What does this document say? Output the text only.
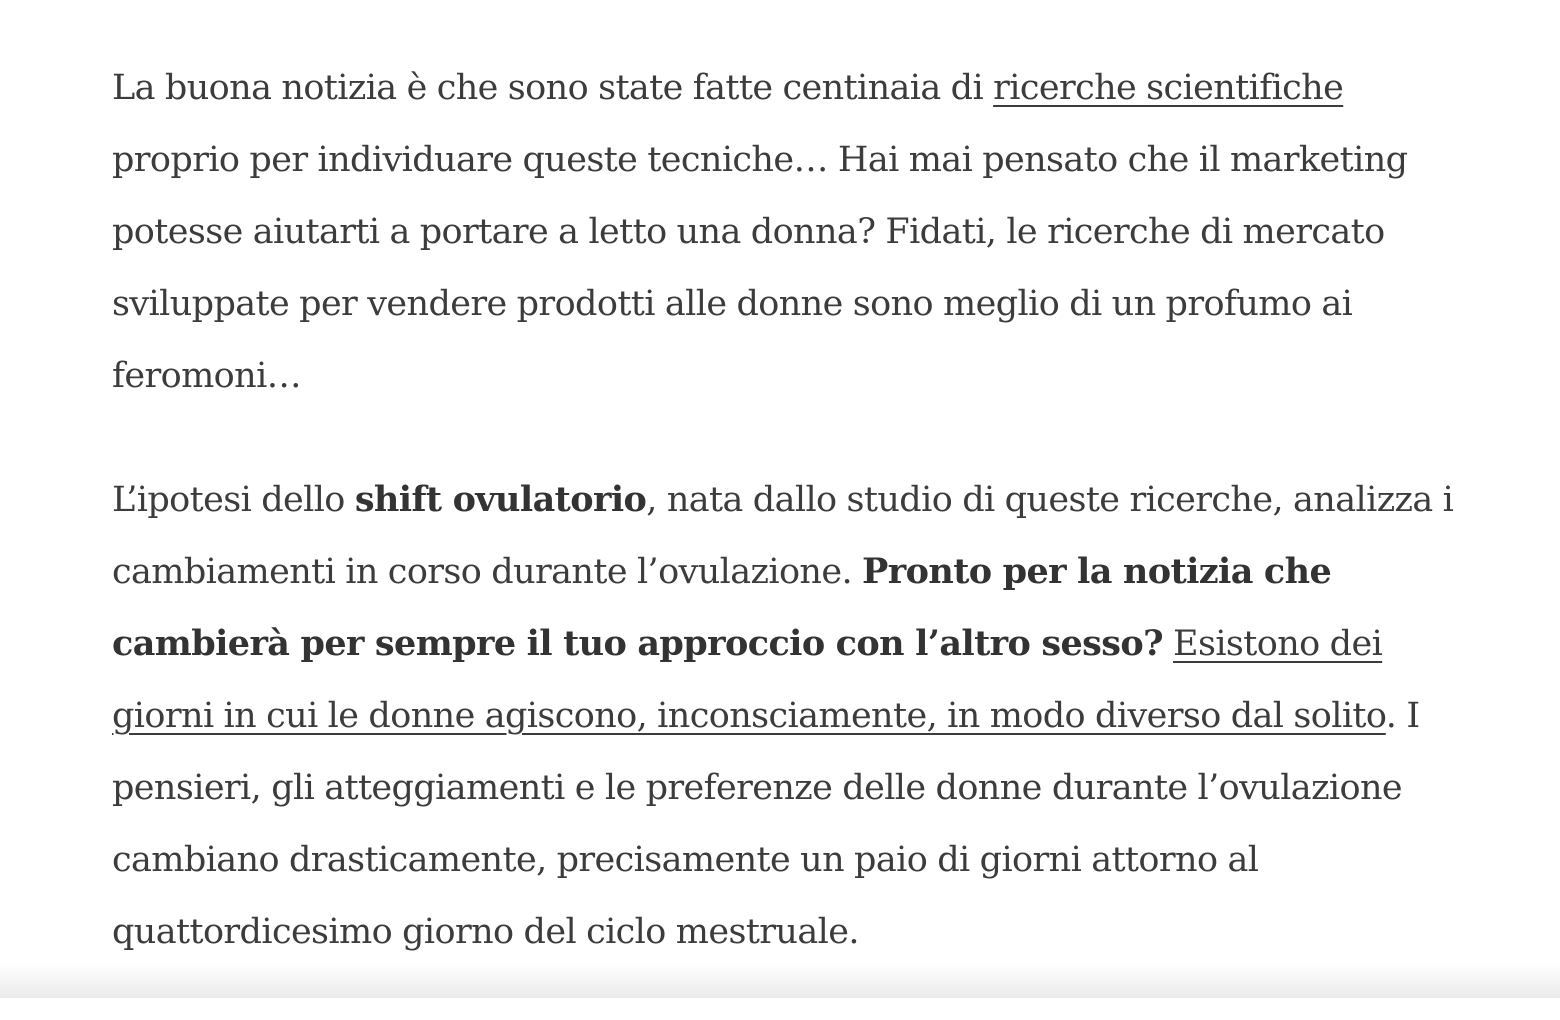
La buona notizia è che sono state fatte centinaia di ricerche scientifiche proprio per individuare queste tecniche… Hai mai pensato che il marketing potesse aiutarti a portare a letto una donna? Fidati, le ricerche di mercato sviluppate per vendere prodotti alle donne sono meglio di un profumo ai feromoni…

L’ipotesi dello shift ovulatorio, nata dallo studio di queste ricerche, analizza i cambiamenti in corso durante l’ovulazione. Pronto per la notizia che cambierà per sempre il tuo approccio con l’altro sesso? Esistono dei giorni in cui le donne agiscono, inconsciamente, in modo diverso dal solito. I pensieri, gli atteggiamenti e le preferenze delle donne durante l’ovulazione cambiano drasticamente, precisamente un paio di giorni attorno al quattordicesimo giorno del ciclo mestruale.
